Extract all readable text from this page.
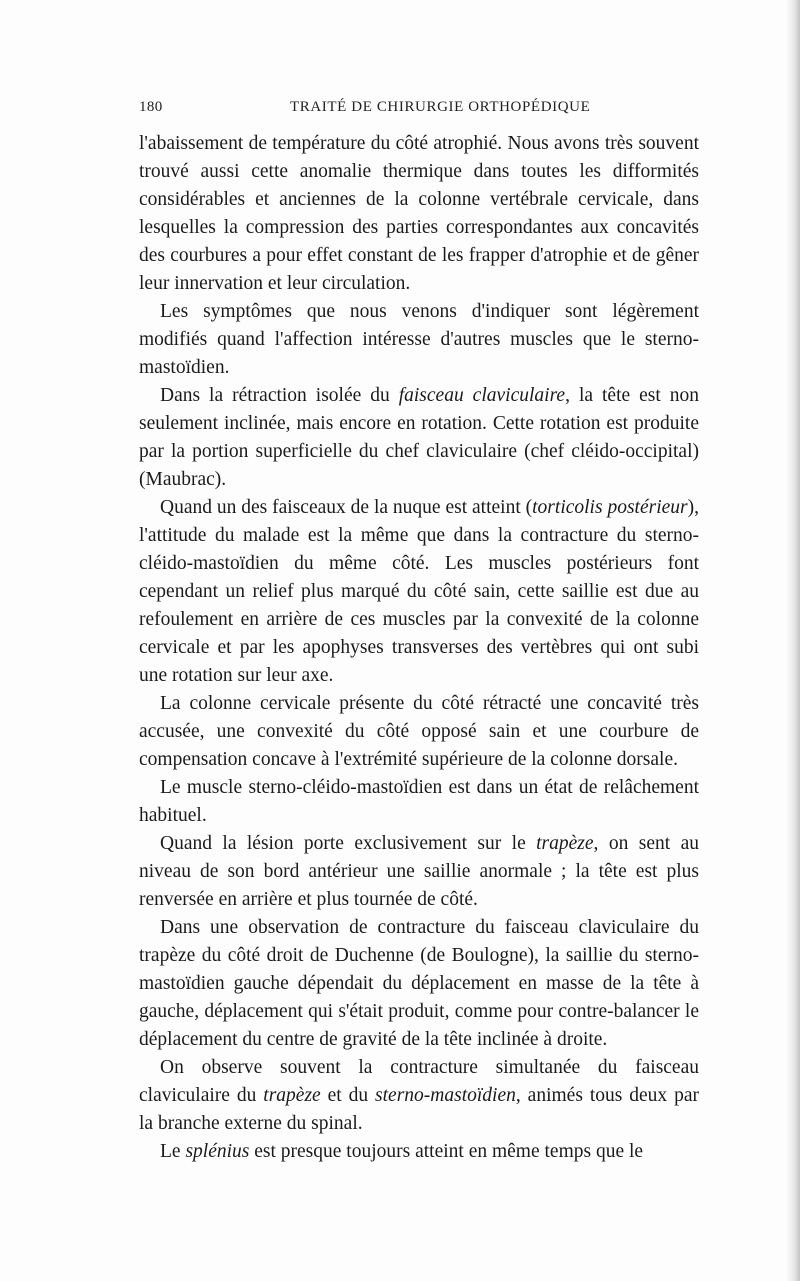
180	TRAITÉ DE CHIRURGIE ORTHOPÉDIQUE

l'abaissement de température du côté atrophié. Nous avons très souvent trouvé aussi cette anomalie thermique dans toutes les difformités considérables et anciennes de la colonne vertébrale cervicale, dans lesquelles la compression des parties correspondantes aux concavités des courbures a pour effet constant de les frapper d'atrophie et de gêner leur innervation et leur circulation.

Les symptômes que nous venons d'indiquer sont légèrement modifiés quand l'affection intéresse d'autres muscles que le sterno-mastoïdien.

Dans la rétraction isolée du faisceau claviculaire, la tête est non seulement inclinée, mais encore en rotation. Cette rotation est produite par la portion superficielle du chef claviculaire (chef cléido-occipital) (Maubrac).

Quand un des faisceaux de la nuque est atteint (torticolis postérieur), l'attitude du malade est la même que dans la contracture du sterno-cléido-mastoïdien du même côté. Les muscles postérieurs font cependant un relief plus marqué du côté sain, cette saillie est due au refoulement en arrière de ces muscles par la convexité de la colonne cervicale et par les apophyses transverses des vertèbres qui ont subi une rotation sur leur axe.

La colonne cervicale présente du côté rétracté une concavité très accusée, une convexité du côté opposé sain et une courbure de compensation concave à l'extrémité supérieure de la colonne dorsale.

Le muscle sterno-cléido-mastoïdien est dans un état de relâchement habituel.

Quand la lésion porte exclusivement sur le trapèze, on sent au niveau de son bord antérieur une saillie anormale ; la tête est plus renversée en arrière et plus tournée de côté.

Dans une observation de contracture du faisceau claviculaire du trapèze du côté droit de Duchenne (de Boulogne), la saillie du sterno-mastoïdien gauche dépendait du déplacement en masse de la tête à gauche, déplacement qui s'était produit, comme pour contre-balancer le déplacement du centre de gravité de la tête inclinée à droite.

On observe souvent la contracture simultanée du faisceau claviculaire du trapèze et du sterno-mastoïdien, animés tous deux par la branche externe du spinal.

Le splénius est presque toujours atteint en même temps que le
